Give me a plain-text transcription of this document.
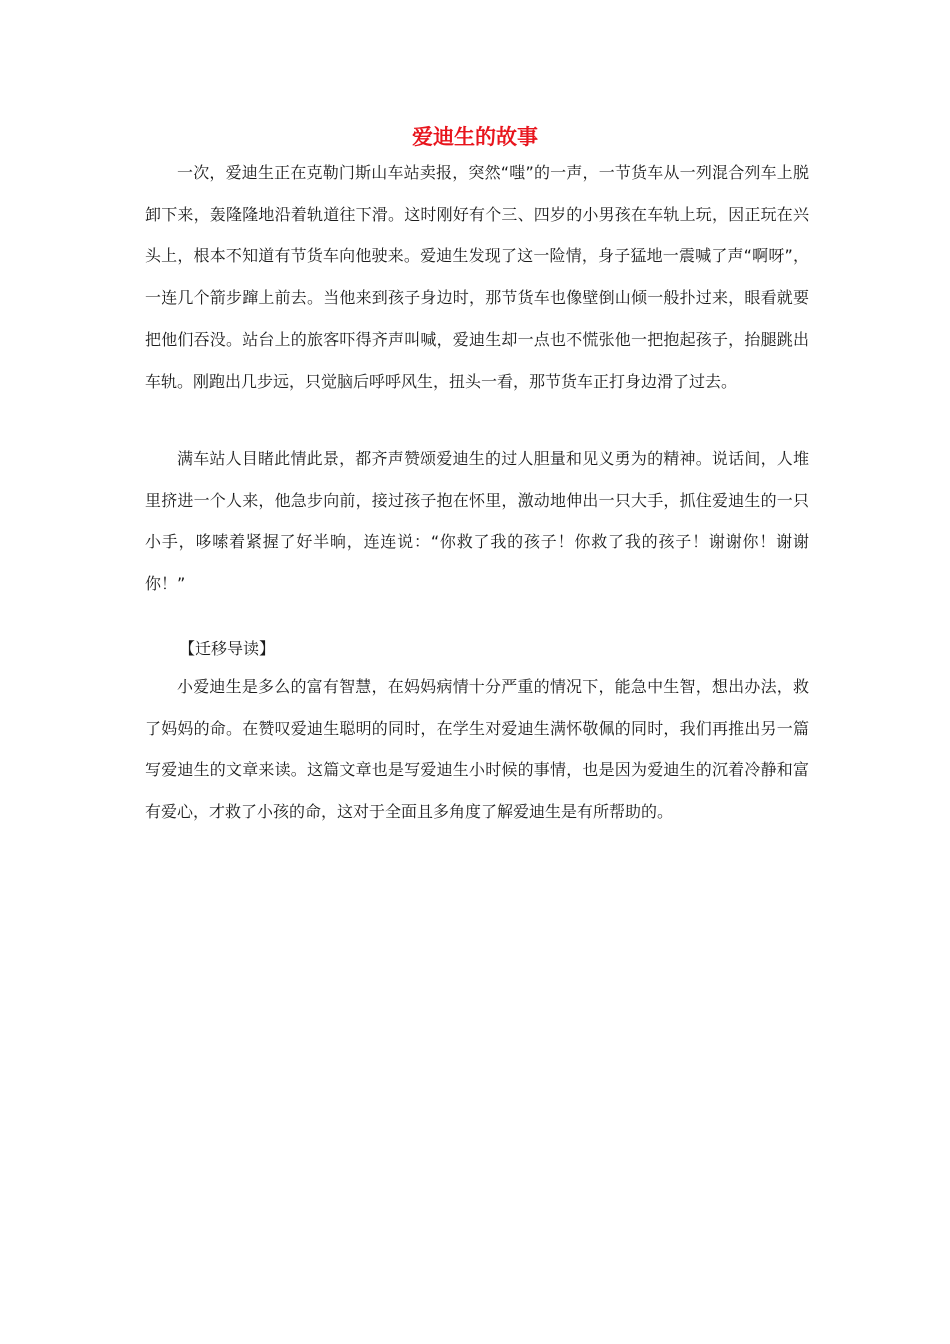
爱迪生的故事

一次，爱迪生正在克勒门斯山车站卖报，突然“嗤”的一声，一节货车从一列混合列车上脱卸下来，轰隆隆地沿着轨道往下滑。这时刚好有个三、四岁的小男孩在车轨上玩，因正玩在兴头上，根本不知道有节货车向他驶来。爱迪生发现了这一险情，身子猛地一震喊了声“啊呀”，一连几个箭步蹿上前去。当他来到孩子身边时，那节货车也像壁倒山倾一般扑过来，眼看就要把他们吞没。站台上的旅客吓得齐声叫喊，爱迪生却一点也不慌张他一把抱起孩子，抬腿跳出车轨。刚跑出几步远，只觉脑后呼呼风生，扭头一看，那节货车正打身边滑了过去。

满车站人目睹此情此景，都齐声赞颂爱迪生的过人胆量和见义勇为的精神。说话间，人堆里挤进一个人来，他急步向前，接过孩子抱在怀里，激动地伸出一只大手，抓住爱迪生的一只小手，哆嗦着紧握了好半晌，连连说：“你救了我的孩子！你救了我的孩子！谢谢你！谢谢你！”

【迁移导读】

小爱迪生是多么的富有智慧，在妈妈病情十分严重的情况下，能急中生智，想出办法，救了妈妈的命。在赞叹爱迪生聪明的同时，在学生对爱迪生满怀敬佩的同时，我们再推出另一篇写爱迪生的文章来读。这篇文章也是写爱迪生小时候的事情，也是因为爱迪生的沉着冷静和富有爱心，才救了小孩的命，这对于全面且多角度了解爱迪生是有所帮助的。
